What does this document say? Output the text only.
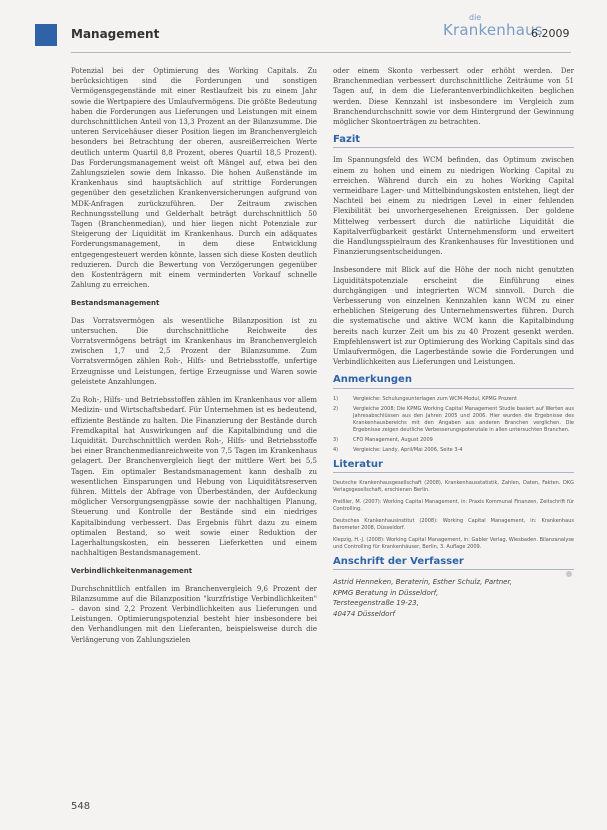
Management
die
Krankenhaus
6.2009

Potenzial bei der Optimierung des Working Capitals. Zu berücksichtigen sind die Forderungen und sonstigen Vermögensgegenstände mit einer Restlaufzeit bis zu einem Jahr sowie die Wertpapiere des Umlaufvermögens. Die größte Bedeutung haben die Forderungen aus Lieferungen und Leistungen mit einem durchschnittlichen Anteil von 13,3 Prozent an der Bilanzsumme. Die unteren Servicehäuser dieser Position liegen im Branchenvergleich besonders bei Betrachtung der oberen, ausreißerreichen Werte deutlich unterm Quartil 8,8 Prozent, oberes Quartil 18,5 Prozent). Das Forderungsmanagement weist oft Mängel auf, etwa bei den Zahlungszielen sowie dem Inkasso. Die hohen Außenstände im Krankenhaus sind hauptsächlich auf strittige Forderungen gegenüber den gesetzlichen Krankenversicherungen aufgrund von MDK-Anfragen zurückzuführen. Der Zeitraum zwischen Rechnungsstellung und Gelderhalt beträgt durchschnittlich 50 Tagen (Branchenmedian), und hier liegen nicht Potenziale zur Steigerung der Liquidität im Krankenhaus. Durch ein adäquates Forderungsmanagement, in dem diese Entwicklung entgegengesteuert werden könnte, lassen sich diese Kosten deutlich reduzieren. Durch die Bewertung von Verzögerungen gegenüber den Kostenträgern mit einem verminderten Vorkauf schnelle Zahlung zu erreichen.

Bestandsmanagement

Das Vorratsvermögen als wesentliche Bilanzposition ist zu untersuchen. Die durchschnittliche Reichweite des Vorratsvermögens beträgt im Krankenhaus im Branchenvergleich zwischen 1,7 und 2,5 Prozent der Bilanzsumme. Zum Vorratsvermögen zählen Roh-, Hilfs- und Betriebsstoffe, unfertige Erzeugnisse und Leistungen, fertige Erzeugnisse und Waren sowie geleistete Anzahlungen.

Zu Roh-, Hilfs- und Betriebsstoffen zählen im Krankenhaus vor allem Medizin- und Wirtschaftsbedarf. Für Unternehmen ist es bedeutend, effiziente Bestände zu halten. Die Finanzierung der Bestände durch Fremdkapital hat Auswirkungen auf die Kapitalbindung und die Liquidität. Durchschnittlich werden Roh-, Hilfs- und Betriebsstoffe bei einer Branchenmedianreichweite von 7,5 Tagen im Krankenhaus gelagert. Der Branchenvergleich liegt der mittlere Wert bei 5,5 Tagen. Ein optimaler Bestandsmanagement kann deshalb zu wesentlichen Einsparungen und Hebung von Liquiditätsreserven führen. Mittels der Abfrage von Überbeständen, der Aufdeckung möglicher Versorgungsengpässe sowie der nachhaltigen Planung, Steuerung und Kontrolle der Bestände sind ein niedriges Kapitalbindung verbessert. Das Ergebnis führt dazu zu einem optimalen Bestand, so weit sowie einer Reduktion der Lagerhaltungskosten, ein besseren Lieferketten und einem nachhaltigen Bestandsmanagement.

Verbindlichkeitenmanagement

Durchschnittlich entfallen im Branchenvergleich 9,6 Prozent der Bilanzsumme auf die Bilanzposition "kurzfristige Verbindlichkeiten" – davon sind 2,2 Prozent Verbindlichkeiten aus Lieferungen und Leistungen. Optimierungspotenzial besteht hier insbesondere bei den Verhandlungen mit den Lieferanten, beispielsweise durch die Verlängerung von Zahlungszielen

oder einem Skonto verbessert oder erhöht werden. Der Branchenmedian verbessert durchschnittliche Zeiträume von 51 Tagen auf, in dem die Lieferantenverbindlichkeiten beglichen werden. Diese Kennzahl ist insbesondere im Vergleich zum Branchendurchschnitt sowie vor dem Hintergrund der Gewinnung möglicher Skontoerträgen zu betrachten.

Fazit

Im Spannungsfeld des WCM befinden, das Optimum zwischen einem zu hohen und einem zu niedrigen Working Capital zu erreichen. Während durch ein zu hohes Working Capital vermeidbare Lager- und Mittelbindungskosten entstehen, liegt der Nachteil bei einem zu niedrigen Level in einer fehlenden Flexibilität bei unvorhergesehenen Ereignissen. Der goldene Mittelweg verbessert durch die natürliche Liquidität die Kapitalverfügbarkeit gestärkt Unternehmensform und erweitert die Handlungsspielraum des Krankenhauses für Investitionen und Finanzierungsentscheidungen.

Insbesondere mit Blick auf die Höhe der noch nicht genutzten Liquiditätspotenziale erscheint die Einführung eines durchgängigen und integrierten WCM sinnvoll. Durch die Verbesserung von einzelnen Kennzahlen kann WCM zu einer erheblichen Steigerung des Unternehmenswertes führen. Durch die systematische und aktive WCM kann die Kapitalbindung bereits nach kurzer Zeit um bis zu 40 Prozent gesenkt werden. Empfehlenswert ist zur Optimierung des Working Capitals sind das Umlaufvermögen, die Lagerbestände sowie die Forderungen und Verbindlichkeiten aus Lieferungen und Leistungen.

Anmerkungen
1)	Vergleiche: Schulungsunterlagen zum WCM-Modul, KPMG Prozent
2)	Vergleiche 2008; Die KPMG Working Capital Management Studie basiert auf Werten aus Jahresabschlüssen aus den Jahren 2005 und 2006. Hier wurden die Ergebnisse des Krankenhausbereichs mit den Angaben aus anderen Branchen verglichen. Die Ergebnisse zeigen deutliche Verbesserungspotenziale in allen untersuchten Branchen.
3)	CFO Management, August 2009
4)	Vergleiche: Landy, April/Mai 2006, Seite 3-4
Literatur

Deutsche Krankenhausgesellschaft (2008), Krankenhausstatistik, Zahlen, Daten, Fakten. DKG Verlagsgesellschaft, erschienen Berlin.

Preißler, M. (2007): Working Capital Management, in: Praxis Kommunal Finanzen, Zeitschrift für Controlling.

Deutsches Krankenhausinstitut (2008): Working Capital Management, in: Krankenhaus Barometer 2008, Düsseldorf.

Klepzig, H.-J. (2008): Working Capital Management, in: Gabler Verlag, Wiesbaden. Bilanzanalyse und Controlling für Krankenhäuser, Berlin, 3. Auflage 2009.

Anschrift der Verfasser
Astrid Henneken, Beraterin, Esther Schulz, Partner,
KPMG Beratung in Düsseldorf,
Tersteegenstraße 19-23,
40474 Düsseldorf
548
